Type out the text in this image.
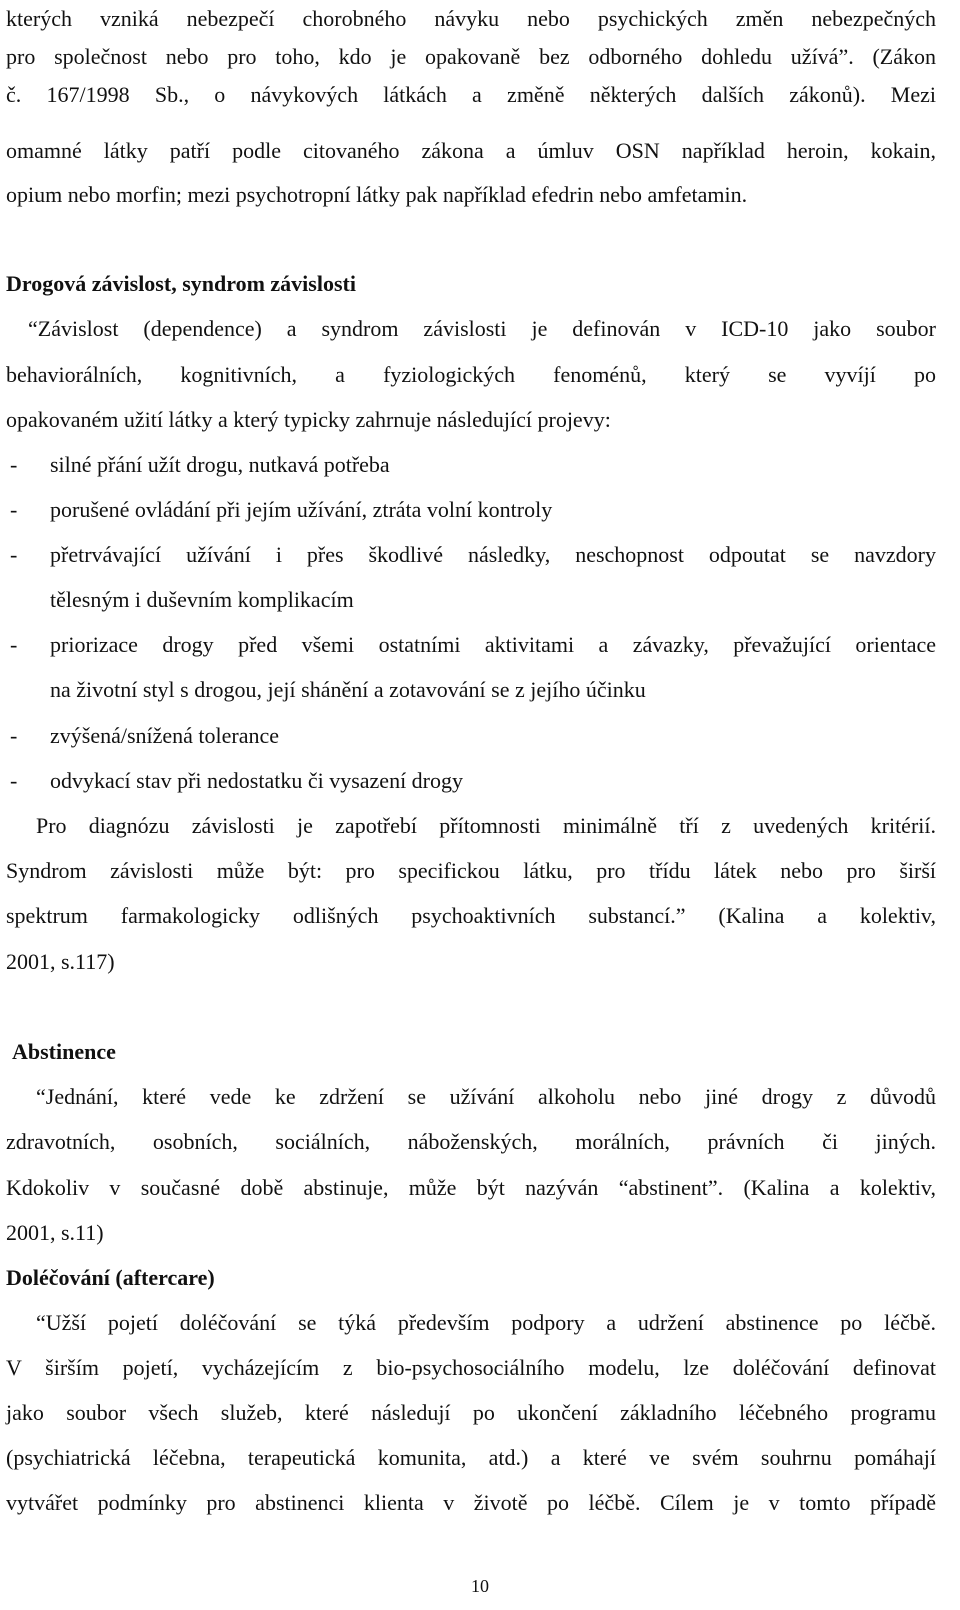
kterých vzniká nebezpečí chorobného návyku nebo psychických změn nebezpečných
pro společnost nebo pro toho, kdo je opakovaně bez odborného dohledu užívá”. (Zákon
č. 167/1998 Sb., o návykových látkách a změně některých dalších zákonů). Mezi
omamné látky patří podle citovaného zákona a úmluv OSN například heroin, kokain,
opium nebo morfin; mezi psychotropní látky pak například efedrin nebo amfetamin.
Drogová závislost, syndrom závislosti
“Závislost (dependence) a syndrom závislosti je definován v ICD-10 jako soubor
behaviorálních, kognitivních, a fyziologických fenoménů, který se vyvíjí po
opakovaném užití látky a který typicky zahrnuje následující projevy:
- silné přání užít drogu, nutkavá potřeba
- porušené ovládání při jejím užívání, ztráta volní kontroly
- přetrvávající užívání i přes škodlivé následky, neschopnost odpoutat se navzdory
tělesným i duševním komplikacím
- priorizace drogy před všemi ostatními aktivitami a závazky, převažující orientace
na životní styl s drogou, její shánění a zotavování se z jejího účinku
- zvýšená/snížená tolerance
- odvykací stav při nedostatku či vysazení drogy
Pro diagnózu závislosti je zapotřebí přítomnosti minimálně tří z uvedených kritérií.
Syndrom závislosti může být: pro specifickou látku, pro třídu látek nebo pro širší
spektrum farmakologicky odlišných psychoaktivních substancí.” (Kalina a kolektiv,
2001, s.117)
Abstinence
“Jednání, které vede ke zdržení se užívání alkoholu nebo jiné drogy z důvodů
zdravotních, osobních, sociálních, náboženských, morálních, právních či jiných.
Kdokoliv v současné době abstinuje, může být nazýván “abstinent”. (Kalina a kolektiv,
2001, s.11)
Doléčování (aftercare)
“Užší pojetí doléčování se týká především podpory a udržení abstinence po léčbě.
V širším pojetí, vycházejícím z bio-psychosociálního modelu, lze doléčování definovat
jako soubor všech služeb, které následují po ukončení základního léčebného programu
(psychiatrická léčebna, terapeutická komunita, atd.) a které ve svém souhrnu pomáhají
vytvářet podmínky pro abstinenci klienta v životě po léčbě. Cílem je v tomto případě
10
